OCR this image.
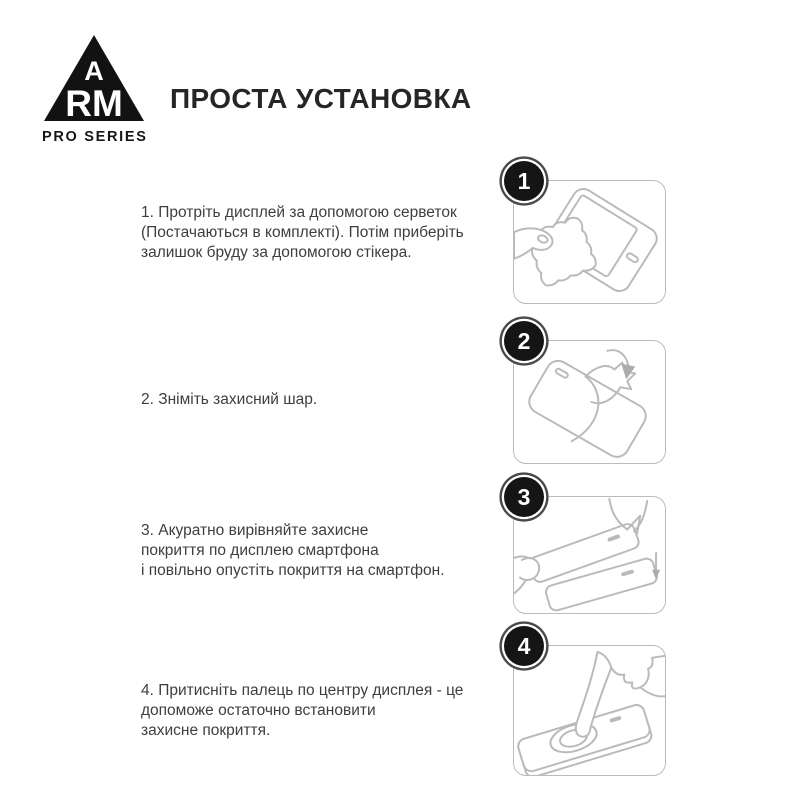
A
RM
PRO SERIES
ПРОСТА УСТАНОВКА
1. Протріть дисплей за допомогою серветок
(Постачаються в комплекті). Потім приберіть
залишок бруду за допомогою стікера.
1
2. Зніміть захисний шар.
2
3. Акуратно вирівняйте захисне
покриття по дисплею смартфона
і повільно опустіть покриття на смартфон.
3
4. Притисніть палець по центру дисплея - це
допоможе остаточно встановити
захисне покриття.
4
